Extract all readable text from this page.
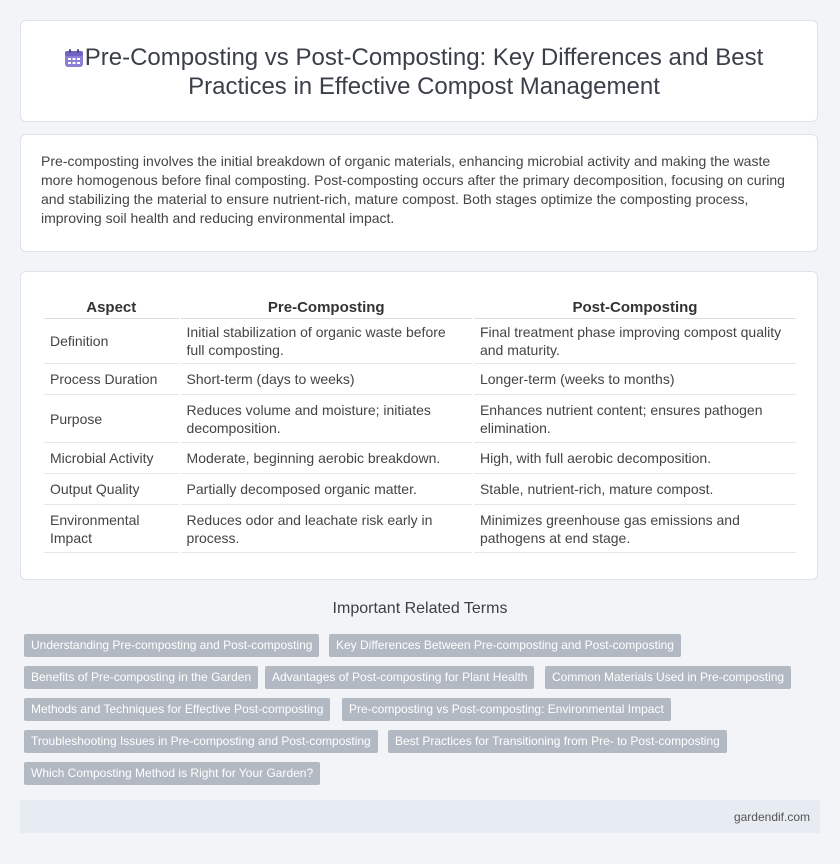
Pre-Composting vs Post-Composting: Key Differences and Best Practices in Effective Compost Management

Pre-composting involves the initial breakdown of organic materials, enhancing microbial activity and making the waste more homogenous before final composting. Post-composting occurs after the primary decomposition, focusing on curing and stabilizing the material to ensure nutrient-rich, mature compost. Both stages optimize the composting process, improving soil health and reducing environmental impact.

Aspect	Pre-Composting	Post-Composting
Definition	Initial stabilization of organic waste before full composting.	Final treatment phase improving compost quality and maturity.
Process Duration	Short-term (days to weeks)	Longer-term (weeks to months)
Purpose	Reduces volume and moisture; initiates decomposition.	Enhances nutrient content; ensures pathogen elimination.
Microbial Activity	Moderate, beginning aerobic breakdown.	High, with full aerobic decomposition.
Output Quality	Partially decomposed organic matter.	Stable, nutrient-rich, mature compost.
Environmental Impact	Reduces odor and leachate risk early in process.	Minimizes greenhouse gas emissions and pathogens at end stage.
Important Related Terms
Understanding Pre-composting and Post-composting	Key Differences Between Pre-composting and Post-composting
Benefits of Pre-composting in the Garden	Advantages of Post-composting for Plant Health	Common Materials Used in Pre-composting
Methods and Techniques for Effective Post-composting	Pre-composting vs Post-composting: Environmental Impact
Troubleshooting Issues in Pre-composting and Post-composting	Best Practices for Transitioning from Pre- to Post-composting
Which Composting Method is Right for Your Garden?
gardendif.com
